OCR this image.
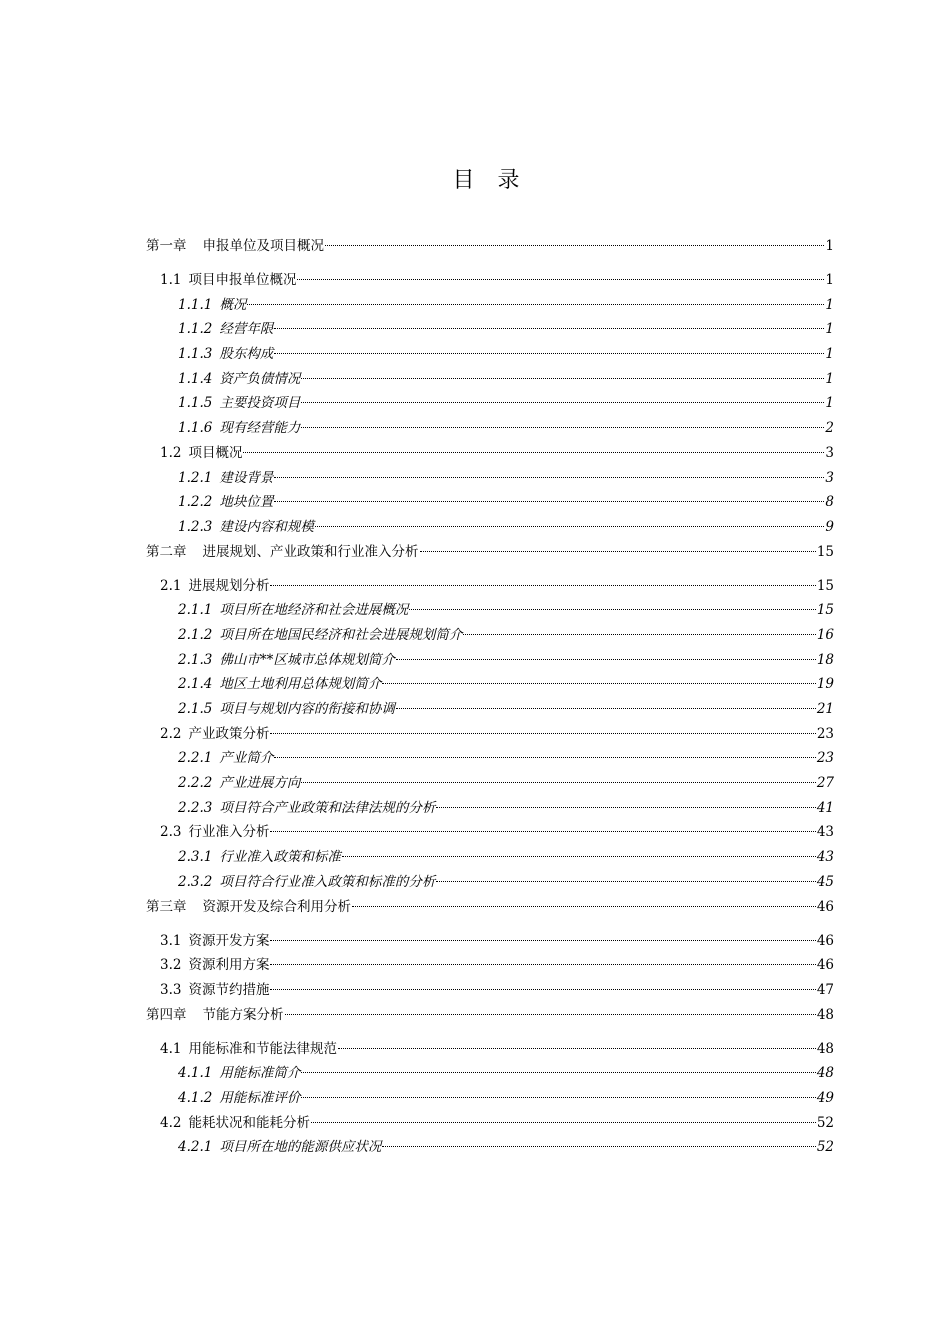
目 录
第一章 申报单位及项目概况	1
1.1 项目申报单位概况	1
1.1.1 概况	1
1.1.2 经营年限	1
1.1.3 股东构成	1
1.1.4 资产负债情况	1
1.1.5 主要投资项目	1
1.1.6 现有经营能力	2
1.2 项目概况	3
1.2.1 建设背景	3
1.2.2 地块位置	8
1.2.3 建设内容和规模	9
第二章 进展规划、产业政策和行业准入分析	15
2.1 进展规划分析	15
2.1.1 项目所在地经济和社会进展概况	15
2.1.2 项目所在地国民经济和社会进展规划简介	16
2.1.3 佛山市**区城市总体规划简介	18
2.1.4 地区土地利用总体规划简介	19
2.1.5 项目与规划内容的衔接和协调	21
2.2 产业政策分析	23
2.2.1 产业简介	23
2.2.2 产业进展方向	27
2.2.3 项目符合产业政策和法律法规的分析	41
2.3 行业准入分析	43
2.3.1 行业准入政策和标准	43
2.3.2 项目符合行业准入政策和标准的分析	45
第三章 资源开发及综合利用分析	46
3.1 资源开发方案	46
3.2 资源利用方案	46
3.3 资源节约措施	47
第四章 节能方案分析	48
4.1 用能标准和节能法律规范	48
4.1.1 用能标准简介	48
4.1.2 用能标准评价	49
4.2 能耗状况和能耗分析	52
4.2.1 项目所在地的能源供应状况	52
